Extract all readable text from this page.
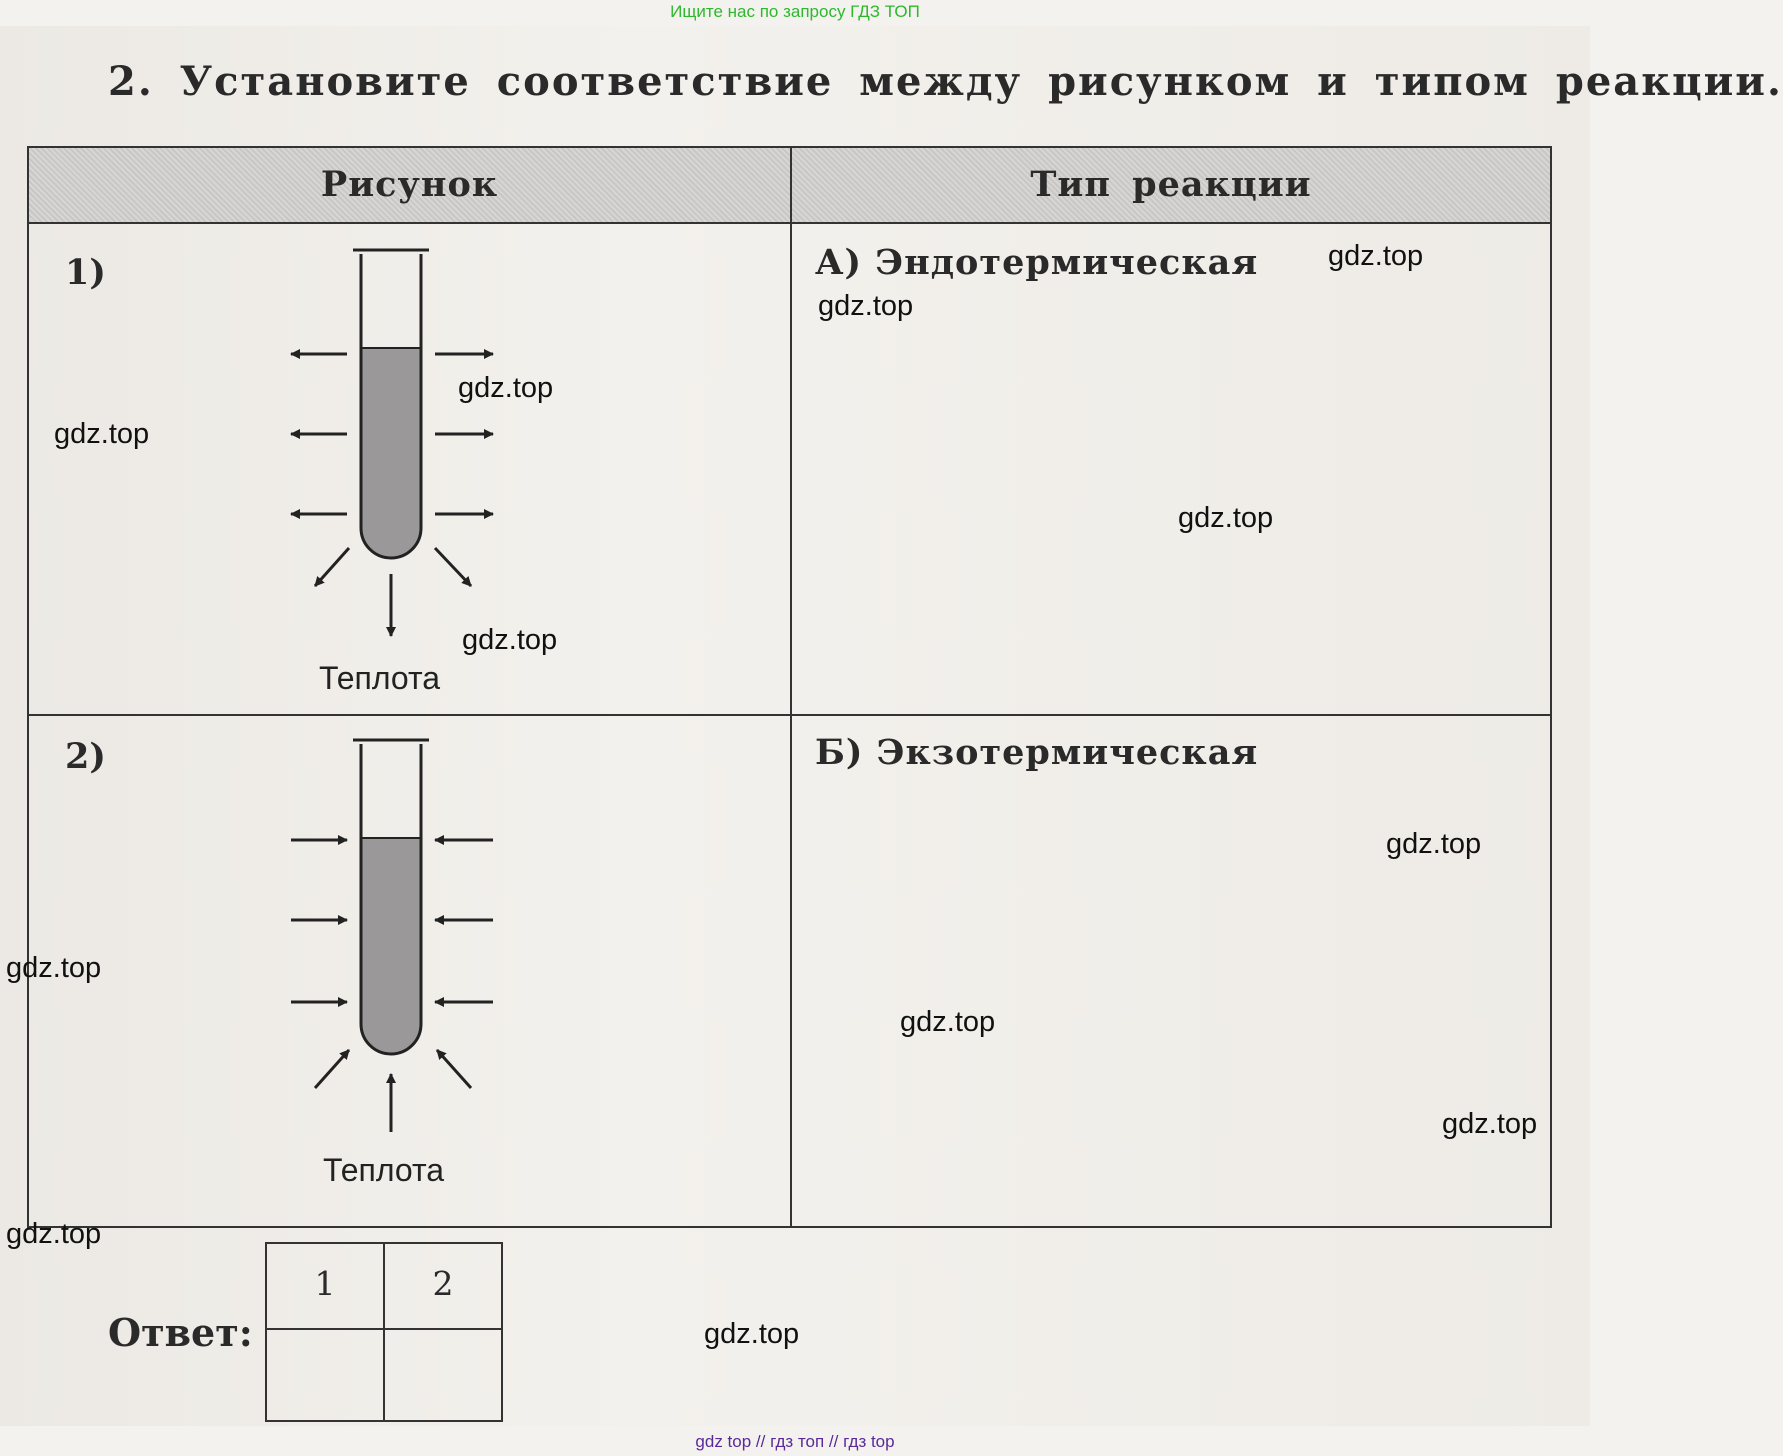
Ищите нас по запросу ГДЗ ТОП
2. Установите соответствие между рисунком и типом реакции.
Рисунок	Тип реакции
1)	А) Эндотермическая
Теплота
2)	Б) Экзотермическая
Теплота
Ответ:
1	2
gdz.top
gdz.top
gdz.top
gdz.top
gdz.top
gdz.top
gdz.top
gdz.top
gdz.top
gdz.top
gdz.top
gdz.top
gdz top // гдз топ // гдз top
